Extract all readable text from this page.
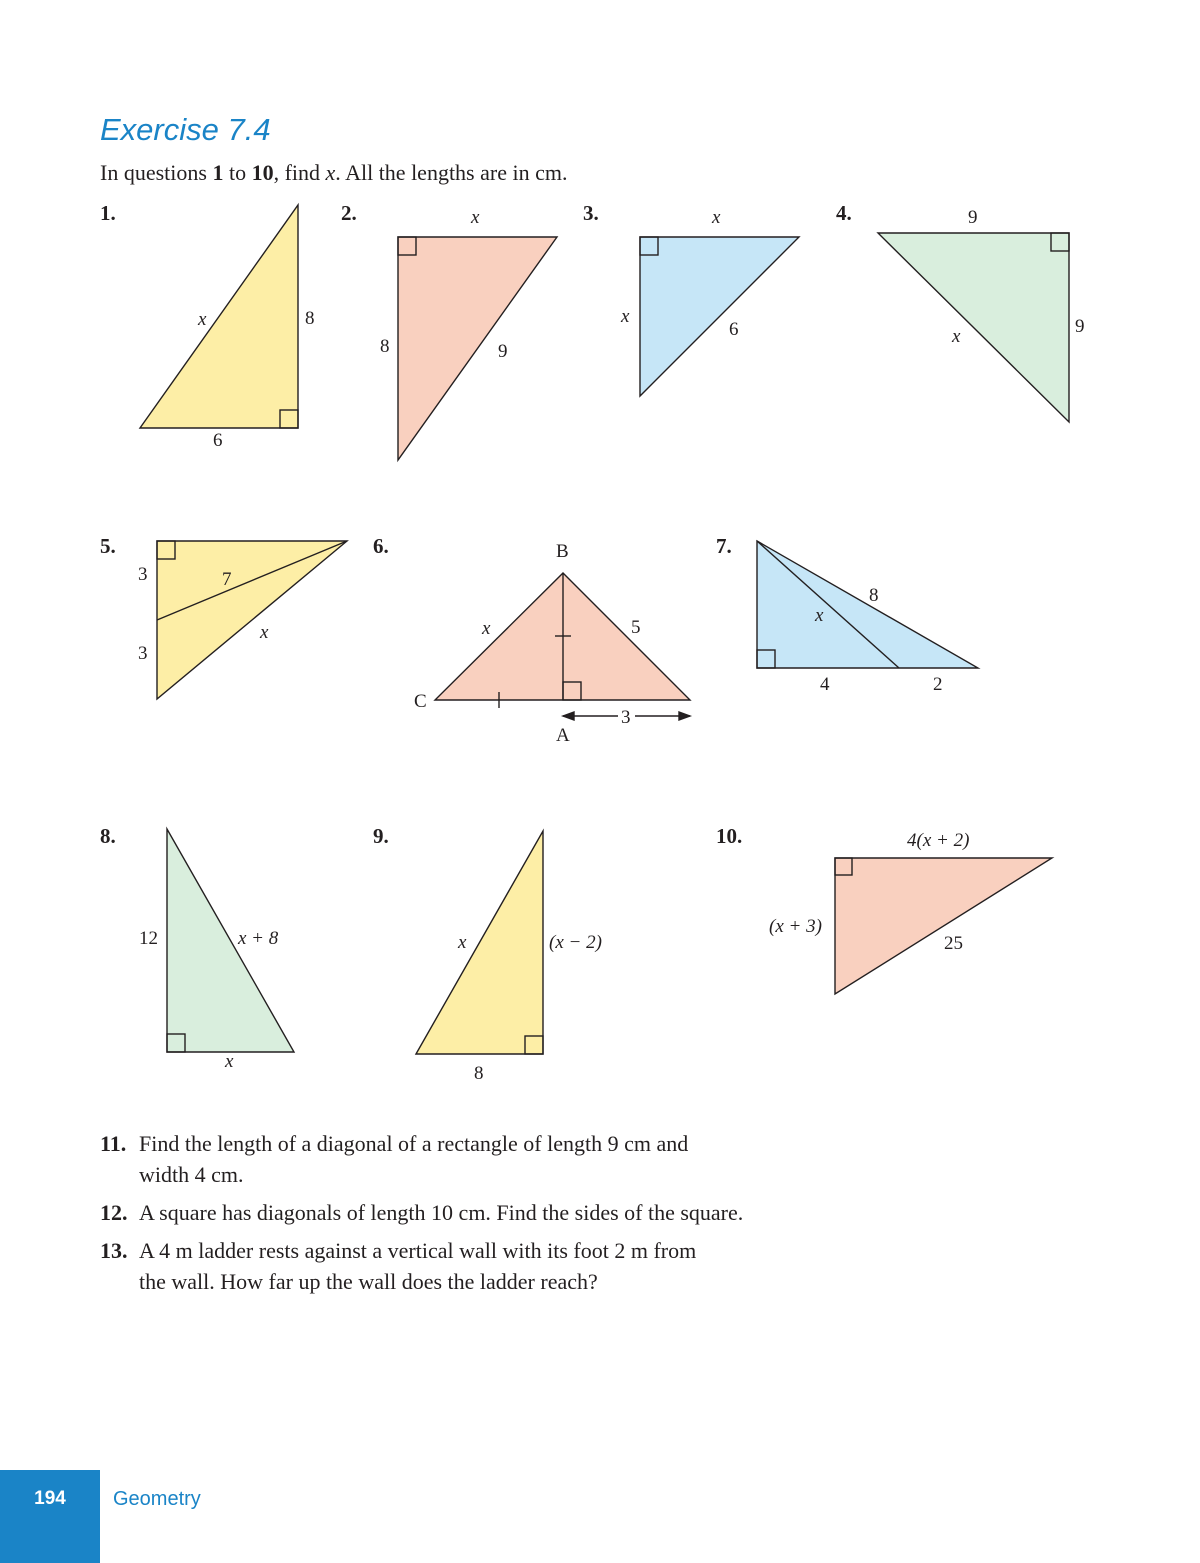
Exercise 7.4
In questions 1 to 10, find x. All the lengths are in cm.
1.	2.	3.	4.
5.	6.	7.
8.	9.	10.
x	8
6
x
8	9
x
x
6
9
x	9
3	7
x
3
B
x	5
C
A
3
8
x
4	2
12	x + 8
x
x	(x − 2)
8
4(x + 2)
(x + 3)
25
11. Find the length of a diagonal of a rectangle of length 9 cm and
width 4 cm.
12. A square has diagonals of length 10 cm. Find the sides of the square.
13. A 4 m ladder rests against a vertical wall with its foot 2 m from
the wall. How far up the wall does the ladder reach?
194	Geometry
